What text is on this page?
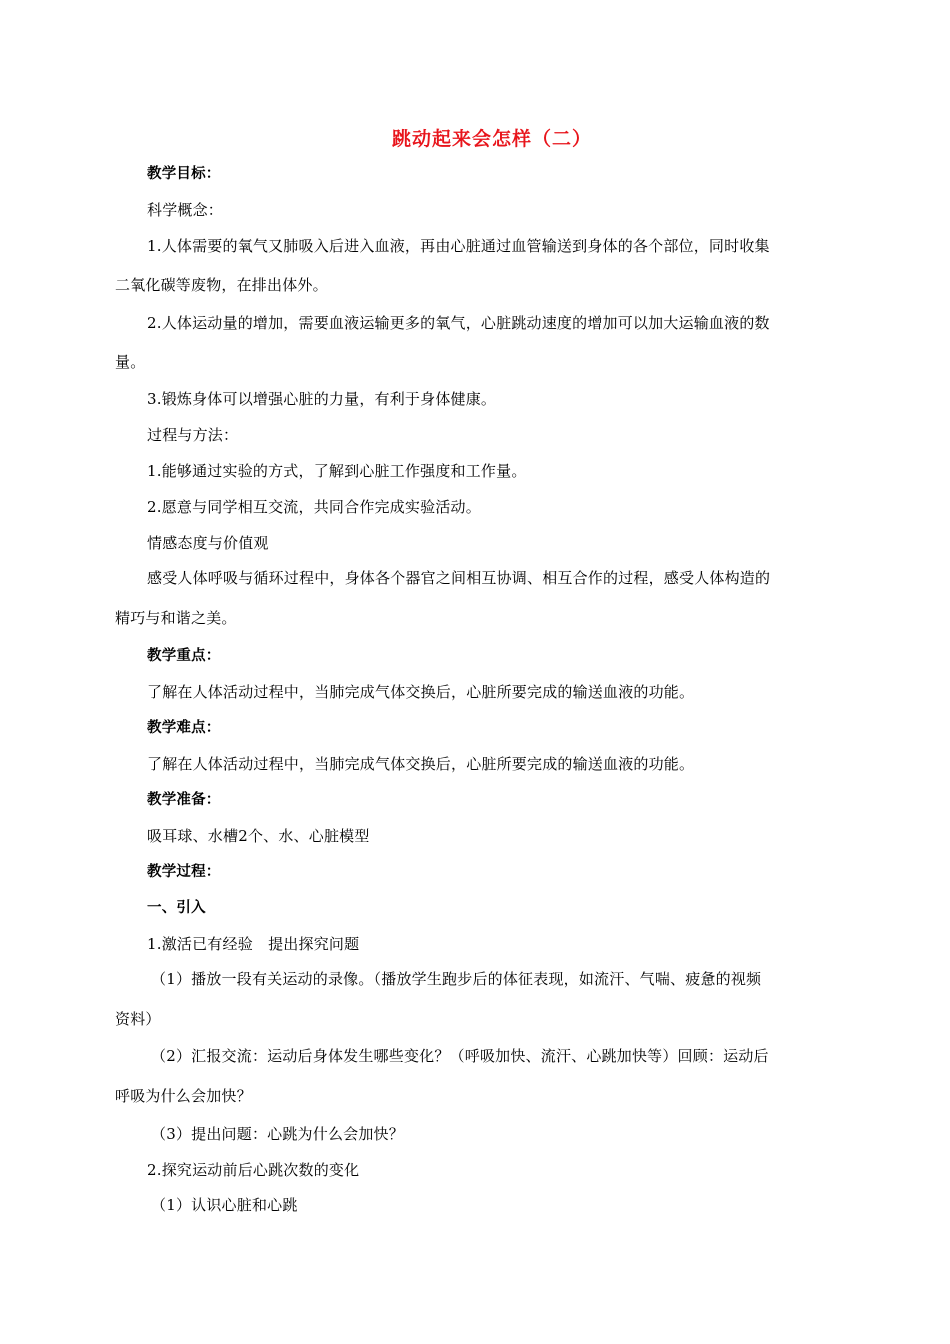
跳动起来会怎样（二）
教学目标：
科学概念：
1.人体需要的氧气又肺吸入后进入血液，再由心脏通过血管输送到身体的各个部位，同时收集
二氧化碳等废物，在排出体外。
2.人体运动量的增加，需要血液运输更多的氧气，心脏跳动速度的增加可以加大运输血液的数
量。
3.锻炼身体可以增强心脏的力量，有利于身体健康。
过程与方法：
1.能够通过实验的方式，了解到心脏工作强度和工作量。
2.愿意与同学相互交流，共同合作完成实验活动。
情感态度与价值观
感受人体呼吸与循环过程中，身体各个器官之间相互协调、相互合作的过程，感受人体构造的
精巧与和谐之美。
教学重点：
了解在人体活动过程中，当肺完成气体交换后，心脏所要完成的输送血液的功能。
教学难点：
了解在人体活动过程中，当肺完成气体交换后，心脏所要完成的输送血液的功能。
教学准备：
吸耳球、水槽2个、水、心脏模型
教学过程：
一、引入
1.激活已有经验　提出探究问题
（1）播放一段有关运动的录像。（播放学生跑步后的体征表现，如流汗、气喘、疲惫的视频
资料）
（2）汇报交流：运动后身体发生哪些变化？（呼吸加快、流汗、心跳加快等）回顾：运动后
呼吸为什么会加快？
（3）提出问题：心跳为什么会加快？
2.探究运动前后心跳次数的变化
（1）认识心脏和心跳
